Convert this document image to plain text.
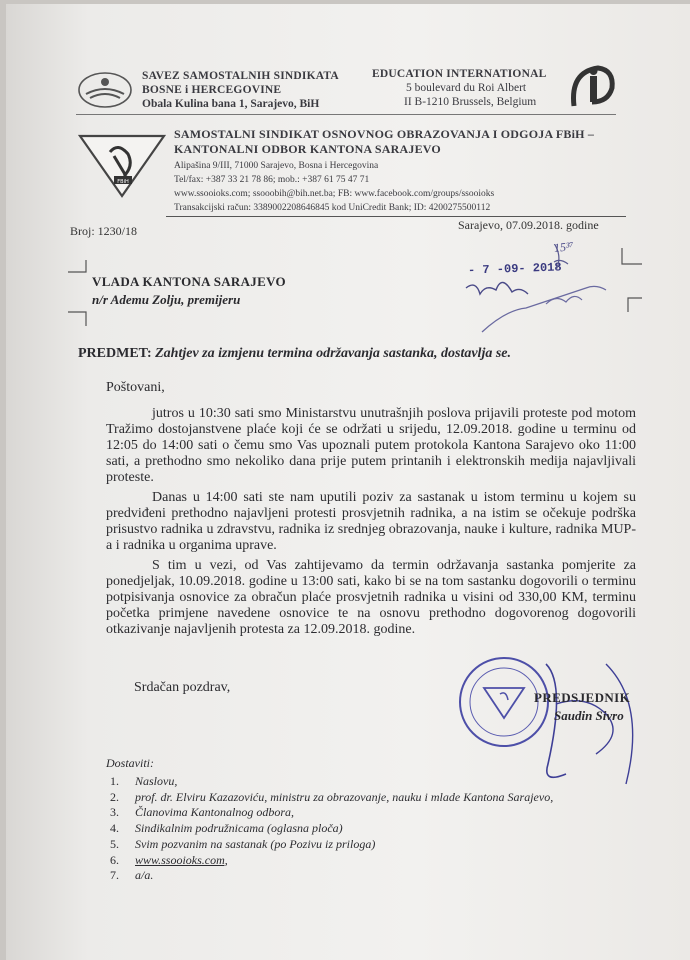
SAVEZ SAMOSTALNIH SINDIKATA
BOSNE i HERCEGOVINE
Obala Kulina bana 1, Sarajevo, BiH
EDUCATION INTERNATIONAL
5 boulevard du Roi Albert
II B-1210 Brussels, Belgium
FBiH
SAMOSTALNI SINDIKAT OSNOVNOG OBRAZOVANJA I ODGOJA FBiH –
KANTONALNI ODBOR KANTONA SARAJEVO
Alipašina 9/III, 71000 Sarajevo, Bosna i Hercegovina
Tel/fax: +387 33 21 78 86; mob.: +387 61 75 47 71
www.ssooioks.com; ssooobih@bih.net.ba; FB: www.facebook.com/groups/ssooioks
Transakcijski račun: 3389002208646845 kod UniCredit Bank; ID: 4200275500112
Broj: 1230/18	Sarajevo, 07.09.2018. godine
VLADA KANTONA SARAJEVO
n/r Ademu Zolju, premijeru
- 7 -09- 2018
15³⁷
PREDMET: Zahtjev za izmjenu termina održavanja sastanka, dostavlja se.
Poštovani,

jutros u 10:30 sati smo Ministarstvu unutrašnjih poslova prijavili proteste pod motom Tražimo dostojanstvene plaće koji će se održati u srijedu, 12.09.2018. godine u terminu od 12:05 do 14:00 sati o čemu smo Vas upoznali putem protokola Kantona Sarajevo oko 11:00 sati, a prethodno smo nekoliko dana prije putem printanih i elektronskih medija najavljivali proteste.

Danas u 14:00 sati ste nam uputili poziv za sastanak u istom terminu u kojem su predviđeni prethodno najavljeni protesti prosvjetnih radnika, a na istim se očekuje podrška prisustvo radnika u zdravstvu, radnika iz srednjeg obrazovanja, nauke i kulture, radnika MUP-a i radnika u organima uprave.

S tim u vezi, od Vas zahtijevamo da termin održavanja sastanka pomjerite za ponedjeljak, 10.09.2018. godine u 13:00 sati, kako bi se na tom sastanku dogovorili o terminu potpisivanja osnovice za obračun plaće prosvjetnih radnika u visini od 330,00 KM, terminu početka primjene navedene osnovice te na osnovu prethodno dogovorenog dogovorili otkazivanje najavljenih protesta za 12.09.2018. godine.

Srdačan pozdrav,
PREDSJEDNIK
Saudin Sivro
Dostaviti:
1.	Naslovu,
2.	prof. dr. Elviru Kazazoviću, ministru za obrazovanje, nauku i mlade Kantona Sarajevo,
3.	Članovima Kantonalnog odbora,
4.	Sindikalnim podružnicama (oglasna ploča)
5.	Svim pozvanim na sastanak (po Pozivu iz priloga)
6.	www.ssooioks.com,
7.	a/a.
